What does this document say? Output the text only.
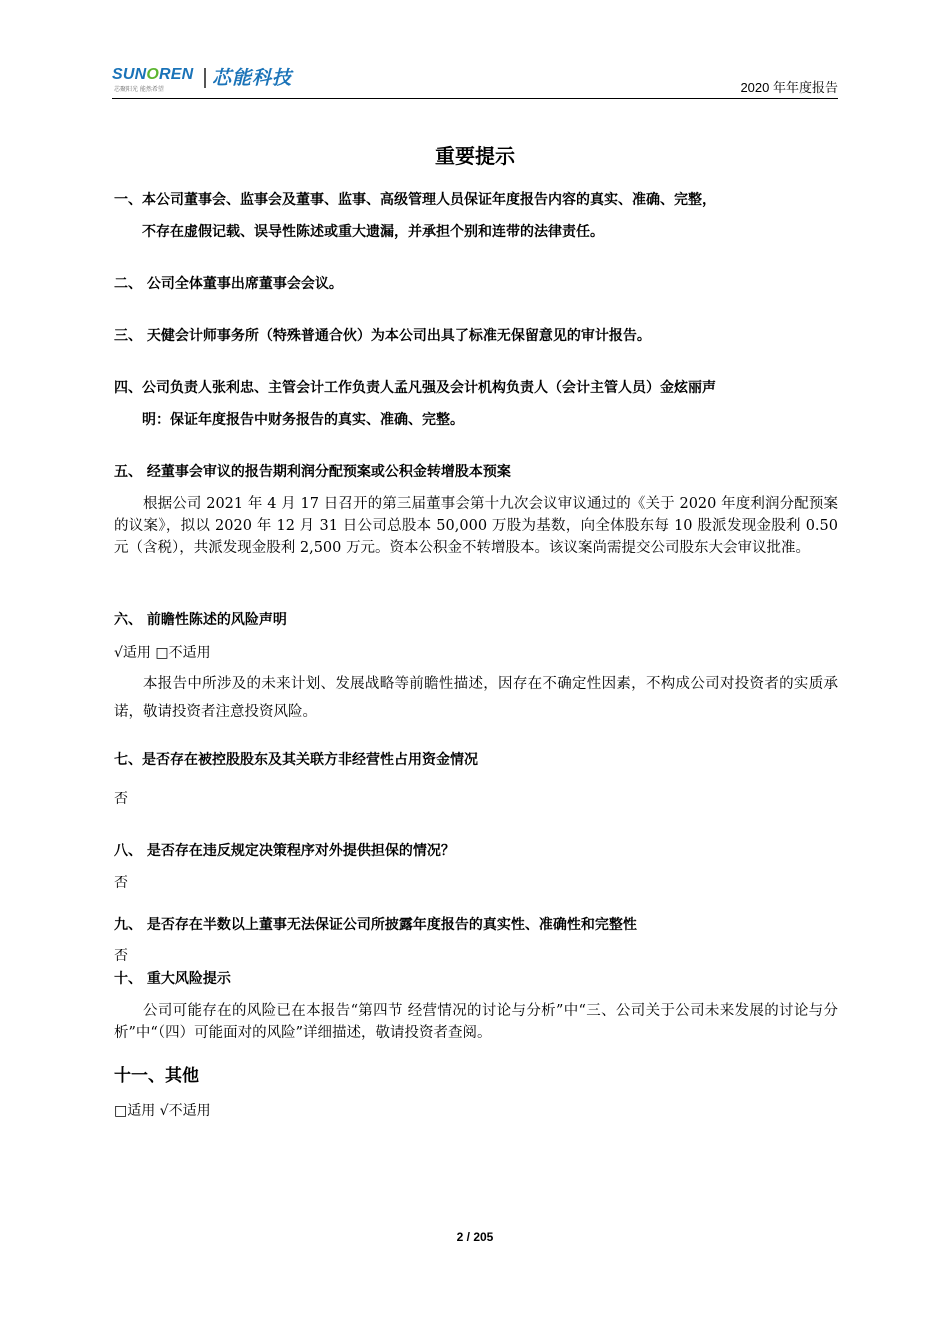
SUNOREN
芯聚阳光 能然希望
芯能科技	2020 年年度报告
重要提示
一、本公司董事会、监事会及董事、监事、高级管理人员保证年度报告内容的真实、准确、完整，
不存在虚假记载、误导性陈述或重大遗漏，并承担个别和连带的法律责任。
二、 公司全体董事出席董事会会议。
三、 天健会计师事务所（特殊普通合伙）为本公司出具了标准无保留意见的审计报告。
四、公司负责人张利忠、主管会计工作负责人孟凡强及会计机构负责人（会计主管人员）金炫丽声
明：保证年度报告中财务报告的真实、准确、完整。
五、 经董事会审议的报告期利润分配预案或公积金转增股本预案
根据公司 2021 年 4 月 17 日召开的第三届董事会第十九次会议审议通过的《关于 2020 年度利润分配预案的议案》，拟以 2020 年 12 月 31 日公司总股本 50,000 万股为基数，向全体股东每 10 股派发现金股利 0.50 元（含税），共派发现金股利 2,500 万元。资本公积金不转增股本。该议案尚需提交公司股东大会审议批准。
六、 前瞻性陈述的风险声明
√适用 □不适用
本报告中所涉及的未来计划、发展战略等前瞻性描述，因存在不确定性因素，不构成公司对投资者的实质承诺，敬请投资者注意投资风险。
七、是否存在被控股股东及其关联方非经营性占用资金情况
否
八、 是否存在违反规定决策程序对外提供担保的情况？
否
九、 是否存在半数以上董事无法保证公司所披露年度报告的真实性、准确性和完整性
否
十、 重大风险提示
公司可能存在的风险已在本报告“第四节 经营情况的讨论与分析”中“三、公司关于公司未来发展的讨论与分析”中“（四）可能面对的风险”详细描述，敬请投资者查阅。
十一、其他
□适用 √不适用
2 / 205
